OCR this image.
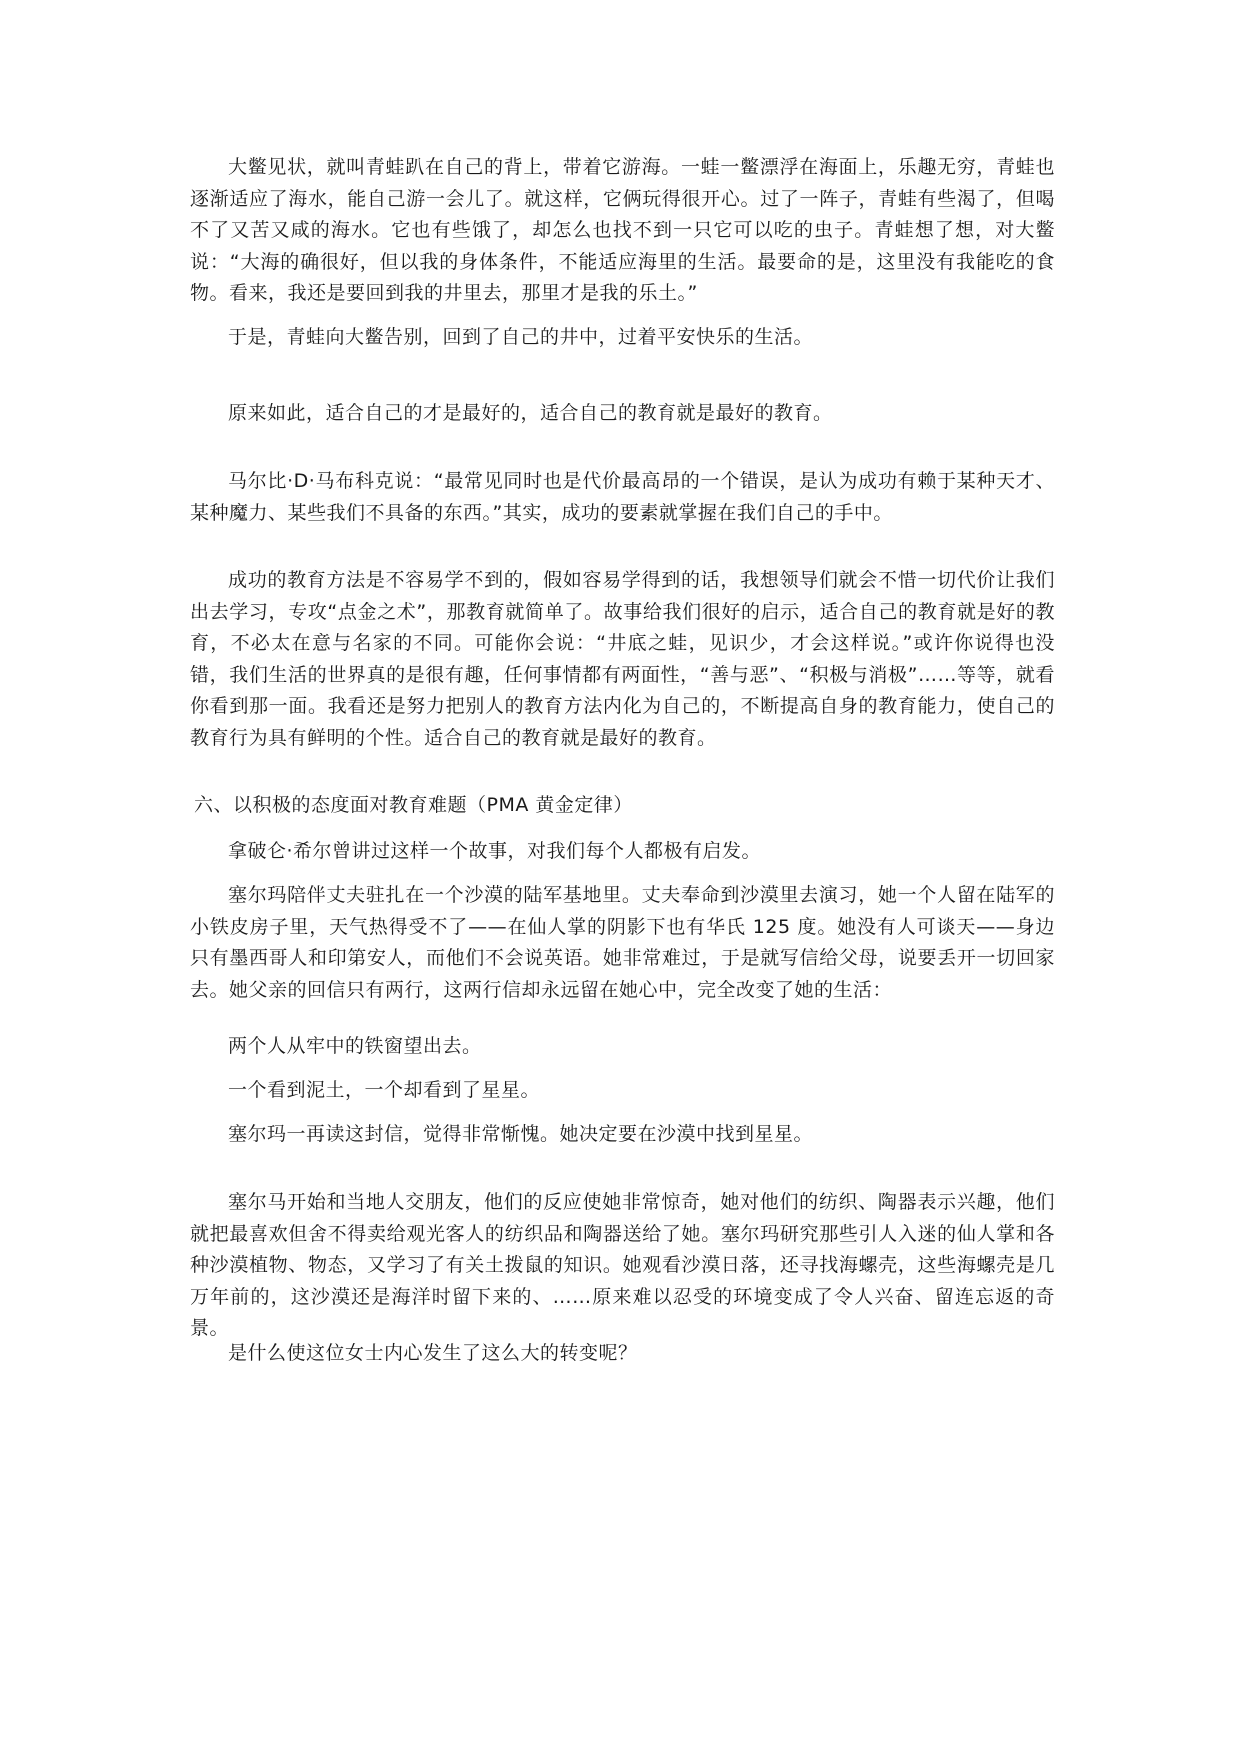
大鳖见状，就叫青蛙趴在自己的背上，带着它游海。一蛙一鳖漂浮在海面上，乐趣无穷，青蛙也逐渐适应了海水，能自己游一会儿了。就这样，它俩玩得很开心。过了一阵子，青蛙有些渴了，但喝不了又苦又咸的海水。它也有些饿了，却怎么也找不到一只它可以吃的虫子。青蛙想了想，对大鳖说：“大海的确很好，但以我的身体条件，不能适应海里的生活。最要命的是，这里没有我能吃的食物。看来，我还是要回到我的井里去，那里才是我的乐土。”

于是，青蛙向大鳖告别，回到了自己的井中，过着平安快乐的生活。

原来如此，适合自己的才是最好的，适合自己的教育就是最好的教育。

马尔比·D·马布科克说：“最常见同时也是代价最高昂的一个错误，是认为成功有赖于某种天才、某种魔力、某些我们不具备的东西。”其实，成功的要素就掌握在我们自己的手中。

成功的教育方法是不容易学不到的，假如容易学得到的话，我想领导们就会不惜一切代价让我们出去学习，专攻“点金之术”，那教育就简单了。故事给我们很好的启示，适合自己的教育就是好的教育，不必太在意与名家的不同。可能你会说：“井底之蛙，见识少，才会这样说。”或许你说得也没错，我们生活的世界真的是很有趣，任何事情都有两面性，“善与恶”、“积极与消极”……等等，就看你看到那一面。我看还是努力把别人的教育方法内化为自己的，不断提高自身的教育能力，使自己的教育行为具有鲜明的个性。适合自己的教育就是最好的教育。

六、以积极的态度面对教育难题（PMA 黄金定律）

拿破仑·希尔曾讲过这样一个故事，对我们每个人都极有启发。

塞尔玛陪伴丈夫驻扎在一个沙漠的陆军基地里。丈夫奉命到沙漠里去演习，她一个人留在陆军的小铁皮房子里，天气热得受不了——在仙人掌的阴影下也有华氏 125 度。她没有人可谈天——身边只有墨西哥人和印第安人，而他们不会说英语。她非常难过，于是就写信给父母，说要丢开一切回家去。她父亲的回信只有两行，这两行信却永远留在她心中，完全改变了她的生活：

两个人从牢中的铁窗望出去。

一个看到泥土，一个却看到了星星。

塞尔玛一再读这封信，觉得非常惭愧。她决定要在沙漠中找到星星。

塞尔马开始和当地人交朋友，他们的反应使她非常惊奇，她对他们的纺织、陶器表示兴趣，他们就把最喜欢但舍不得卖给观光客人的纺织品和陶器送给了她。塞尔玛研究那些引人入迷的仙人掌和各种沙漠植物、物态，又学习了有关土拨鼠的知识。她观看沙漠日落，还寻找海螺壳，这些海螺壳是几万年前的，这沙漠还是海洋时留下来的、……原来难以忍受的环境变成了令人兴奋、留连忘返的奇景。

是什么使这位女士内心发生了这么大的转变呢？
